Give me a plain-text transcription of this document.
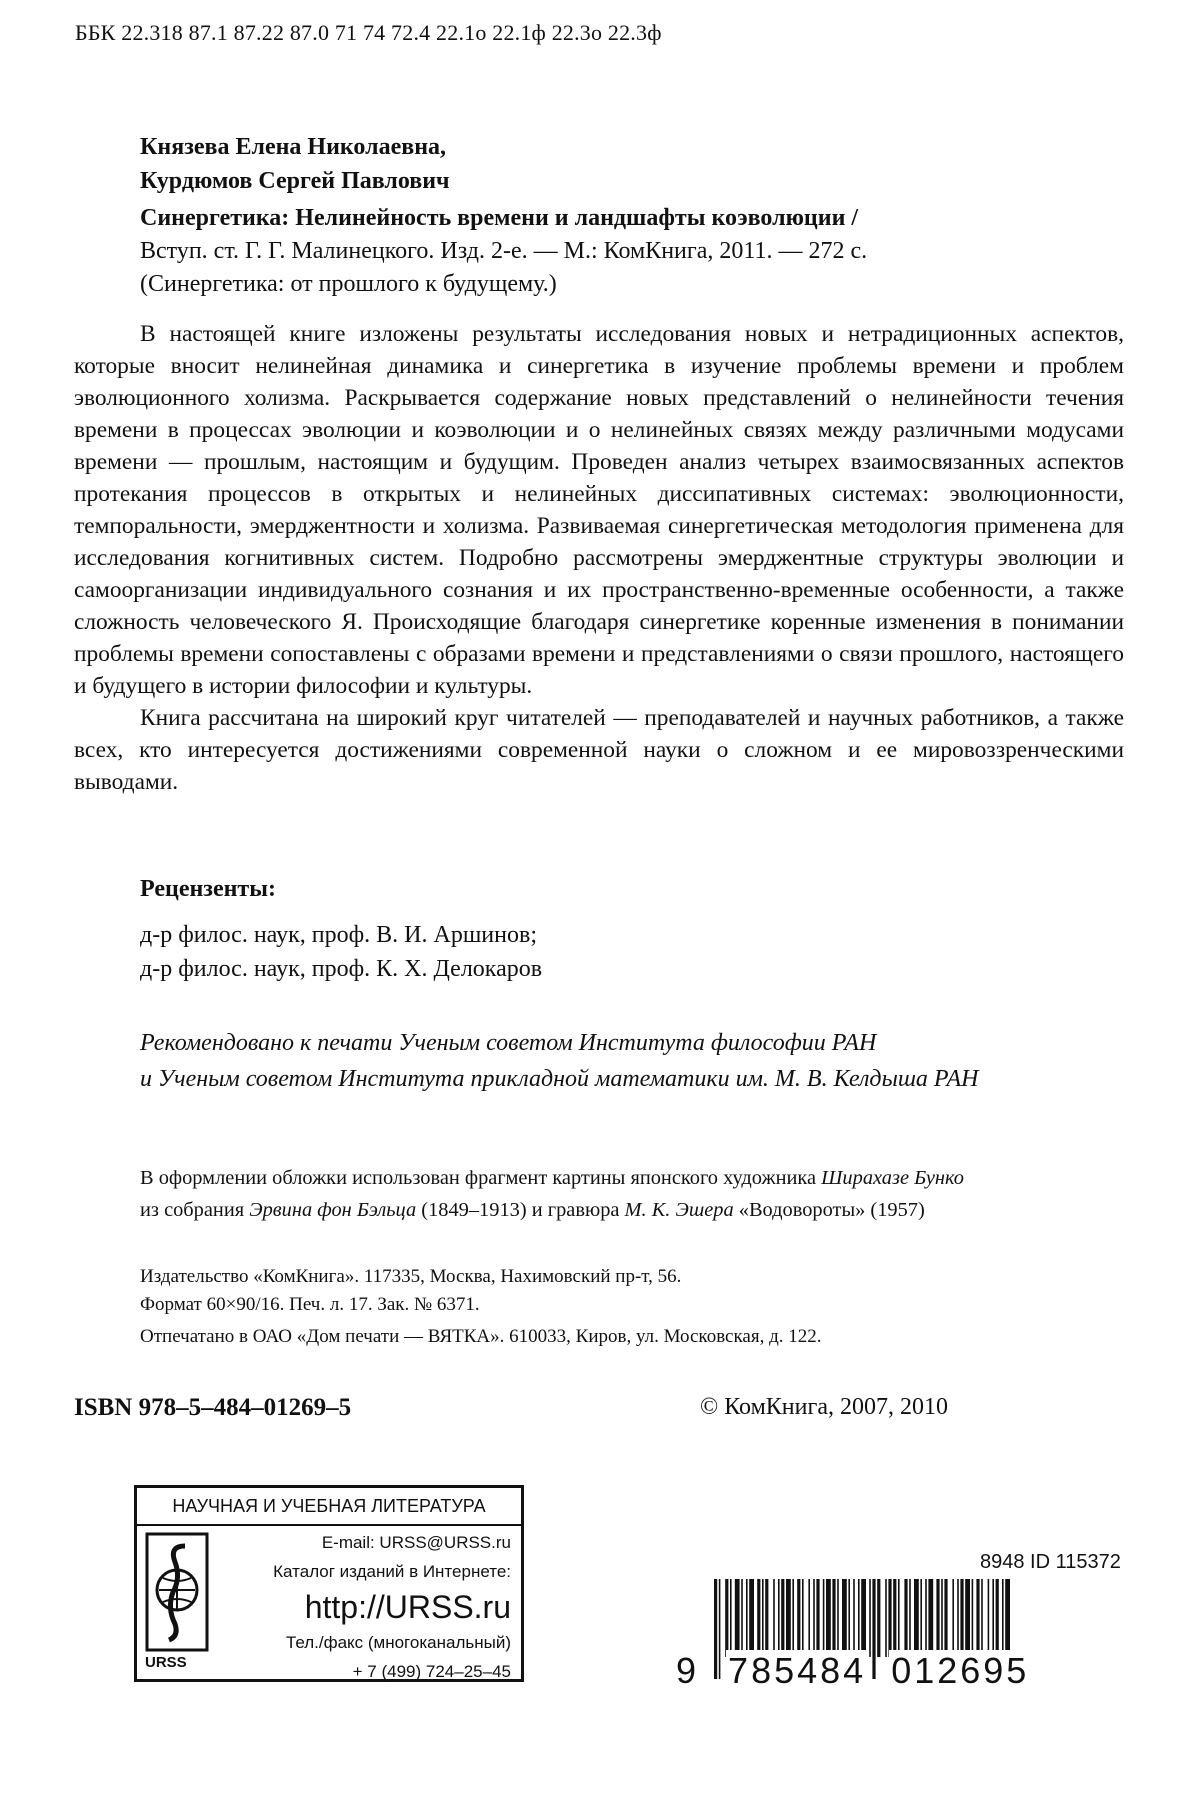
ББК 22.318 87.1 87.22 87.0 71 74 72.4 22.1о 22.1ф 22.3о 22.3ф
Князева Елена Николаевна,
Курдюмов Сергей Павлович
Синергетика: Нелинейность времени и ландшафты коэволюции /
Вступ. ст. Г. Г. Малинецкого. Изд. 2-е. — М.: КомКнига, 2011. — 272 с.
(Синергетика: от прошлого к будущему.)

В настоящей книге изложены результаты исследования новых и нетрадиционных аспектов, которые вносит нелинейная динамика и синергетика в изучение проблемы времени и проблем эволюционного холизма. Раскрывается содержание новых представлений о нелинейности течения времени в процессах эволюции и коэволюции и о нелинейных связях между различными модусами времени — прошлым, настоящим и будущим. Проведен анализ четырех взаимосвязанных аспектов протекания процессов в открытых и нелинейных диссипативных системах: эволюционности, темпоральности, эмерджентности и холизма. Развиваемая синергетическая методология применена для исследования когнитивных систем. Подробно рассмотрены эмерджентные структуры эволюции и самоорганизации индивидуального сознания и их пространственно-временные особенности, а также сложность человеческого Я. Происходящие благодаря синергетике коренные изменения в понимании проблемы времени сопоставлены с образами времени и представлениями о связи прошлого, настоящего и будущего в истории философии и культуры.

Книга рассчитана на широкий круг читателей — преподавателей и научных работников, а также всех, кто интересуется достижениями современной науки о сложном и ее мировоззренческими выводами.

Рецензенты:
д-р филос. наук, проф. В. И. Аршинов;
д-р филос. наук, проф. К. Х. Делокаров
Рекомендовано к печати Ученым советом Института философии РАН
и Ученым советом Института прикладной математики им. М. В. Келдыша РАН
В оформлении обложки использован фрагмент картины японского художника Ширахазе Бунко
из собрания Эрвина фон Бэльца (1849–1913) и гравюра М. К. Эшера «Водовороты» (1957)
Издательство «КомКнига». 117335, Москва, Нахимовский пр-т, 56.
Формат 60×90/16. Печ. л. 17. Зак. № 6371.
Отпечатано в ОАО «Дом печати — ВЯТКА». 610033, Киров, ул. Московская, д. 122.
ISBN 978–5–484–01269–5	© КомКнига, 2007, 2010
НАУЧНАЯ И УЧЕБНАЯ ЛИТЕРАТУРА
URSS
E-mail: URSS@URSS.ru
Каталог изданий в Интернете:
http://URSS.ru
Тел./факс (многоканальный)
+ 7 (499) 724–25–45
8948 ID 115372
9 785484 012695
